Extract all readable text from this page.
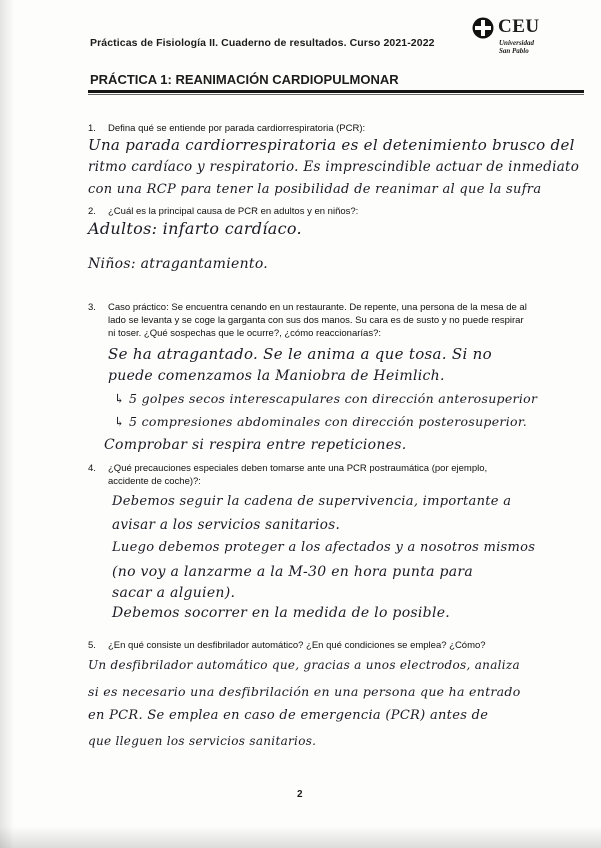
Prácticas de Fisiología II. Cuaderno de resultados. Curso 2021-2022
CEU
Universidad
San Pablo
PRÁCTICA 1: REANIMACIÓN CARDIOPULMONAR
1. Defina qué se entiende por parada cardiorrespiratoria (PCR):
Una parada cardiorrespiratoria es el detenimiento brusco del
ritmo cardíaco y respiratorio. Es imprescindible actuar de inmediato
con una RCP para tener la posibilidad de reanimar al que la sufra
2. ¿Cuál es la principal causa de PCR en adultos y en niños?:
Adultos: infarto cardíaco.
Niños: atragantamiento.
3. Caso práctico: Se encuentra cenando en un restaurante. De repente, una persona de la mesa de al lado se levanta y se coge la garganta con sus dos manos. Su cara es de susto y no puede respirar ni toser. ¿Qué sospechas que le ocurre?, ¿cómo reaccionarías?:
Se ha atragantado. Se le anima a que tosa. Si no
puede comenzamos la Maniobra de Heimlich.
↳ 5 golpes secos interescapulares con dirección anterosuperior
↳ 5 compresiones abdominales con dirección posterosuperior.
Comprobar si respira entre repeticiones.
4. ¿Qué precauciones especiales deben tomarse ante una PCR postraumática (por ejemplo, accidente de coche)?:
Debemos seguir la cadena de supervivencia, importante a
avisar a los servicios sanitarios.
Luego debemos proteger a los afectados y a nosotros mismos
(no voy a lanzarme a la M-30 en hora punta para
sacar a alguien).
Debemos socorrer en la medida de lo posible.
5. ¿En qué consiste un desfibrilador automático? ¿En qué condiciones se emplea? ¿Cómo?
Un desfibrilador automático que, gracias a unos electrodos, analiza
si es necesario una desfibrilación en una persona que ha entrado
en PCR. Se emplea en caso de emergencia (PCR) antes de
que lleguen los servicios sanitarios.
2
